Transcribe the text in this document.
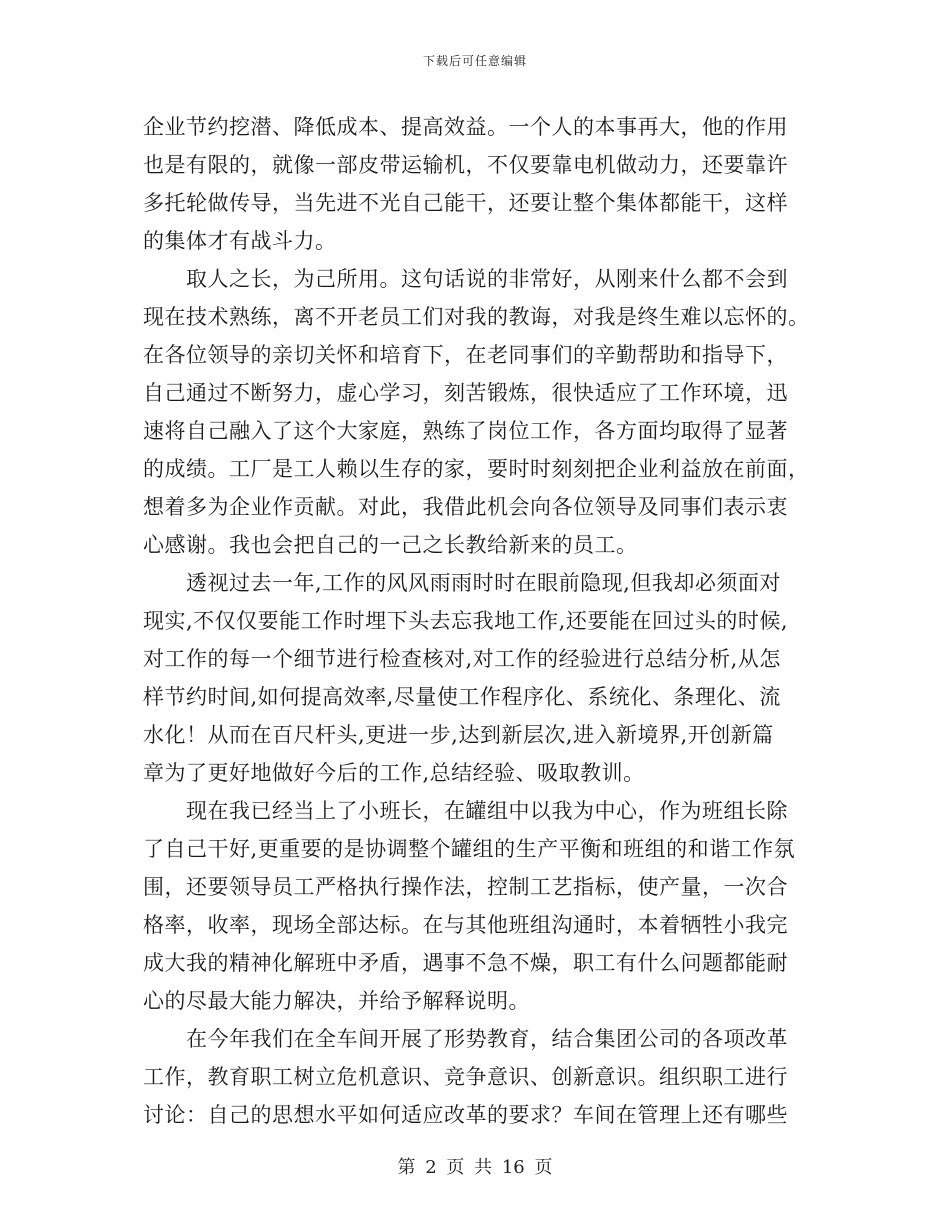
下载后可任意编辑
企业节约挖潜、降低成本、提高效益。一个人的本事再大，他的作用
也是有限的，就像一部皮带运输机，不仅要靠电机做动力，还要靠许
多托轮做传导，当先进不光自己能干，还要让整个集体都能干，这样
的集体才有战斗力。
　　取人之长，为己所用。这句话说的非常好，从刚来什么都不会到
现在技术熟练，离不开老员工们对我的教诲，对我是终生难以忘怀的。
在各位领导的亲切关怀和培育下，在老同事们的辛勤帮助和指导下，
自己通过不断努力，虚心学习，刻苦锻炼，很快适应了工作环境，迅
速将自己融入了这个大家庭，熟练了岗位工作，各方面均取得了显著
的成绩。工厂是工人赖以生存的家，要时时刻刻把企业利益放在前面，
想着多为企业作贡献。对此，我借此机会向各位领导及同事们表示衷
心感谢。我也会把自己的一己之长教给新来的员工。
　　透视过去一年,工作的风风雨雨时时在眼前隐现,但我却必须面对
现实,不仅仅要能工作时埋下头去忘我地工作,还要能在回过头的时候,
对工作的每一个细节进行检查核对,对工作的经验进行总结分析,从怎
样节约时间,如何提高效率,尽量使工作程序化、系统化、条理化、流
水化！从而在百尺杆头,更进一步,达到新层次,进入新境界,开创新篇
章为了更好地做好今后的工作,总结经验、吸取教训。
　　现在我已经当上了小班长，在罐组中以我为中心，作为班组长除
了自己干好,更重要的是协调整个罐组的生产平衡和班组的和谐工作氛
围，还要领导员工严格执行操作法，控制工艺指标，使产量，一次合
格率，收率，现场全部达标。在与其他班组沟通时，本着牺牲小我完
成大我的精神化解班中矛盾，遇事不急不燥，职工有什么问题都能耐
心的尽最大能力解决，并给予解释说明。
　　在今年我们在全车间开展了形势教育，结合集团公司的各项改革
工作，教育职工树立危机意识、竞争意识、创新意识。组织职工进行
讨论：自己的思想水平如何适应改革的要求？车间在管理上还有哪些
第 2 页 共 16 页
